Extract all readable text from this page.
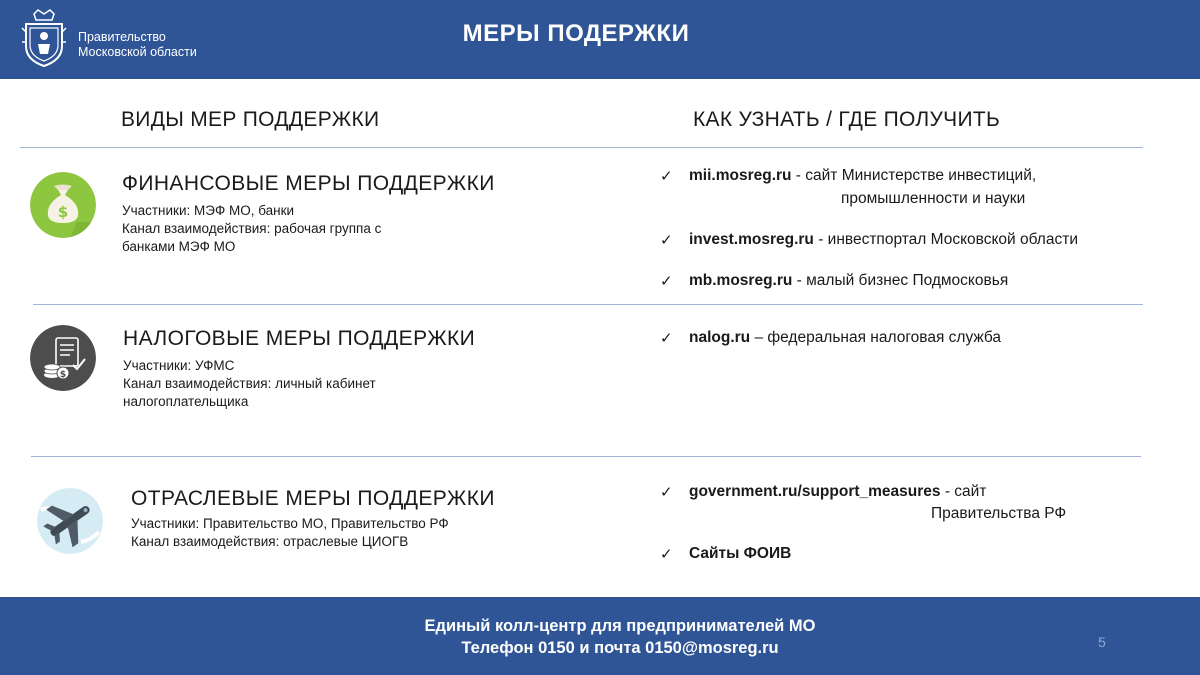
Правительство
Московской области
МЕРЫ ПОДЕРЖКИ
ВИДЫ МЕР ПОДДЕРЖКИ	КАК УЗНАТЬ / ГДЕ ПОЛУЧИТЬ
$
ФИНАНСОВЫЕ МЕРЫ ПОДДЕРЖКИ
Участники: МЭФ МО, банки
Канал взаимодействия: рабочая группа с
банками МЭФ МО
$
НАЛОГОВЫЕ МЕРЫ ПОДДЕРЖКИ
Участники: УФМС
Канал взаимодействия: личный кабинет
налогоплательщика
ОТРАСЛЕВЫЕ МЕРЫ ПОДДЕРЖКИ
Участники: Правительство МО, Правительство РФ
Канал взаимодействия: отраслевые ЦИОГВ
✓ mii.mosreg.ru - сайт Министерстве инвестиций,
промышленности и науки
✓ invest.mosreg.ru - инвестпортал Московской области
✓ mb.mosreg.ru - малый бизнес Подмосковья
✓ nalog.ru – федеральная налоговая служба
✓ government.ru/support_measures - сайт
Правительства РФ
✓ Сайты ФОИВ
Единый колл-центр для предпринимателей МО
Телефон 0150 и почта 0150@mosreg.ru	5
